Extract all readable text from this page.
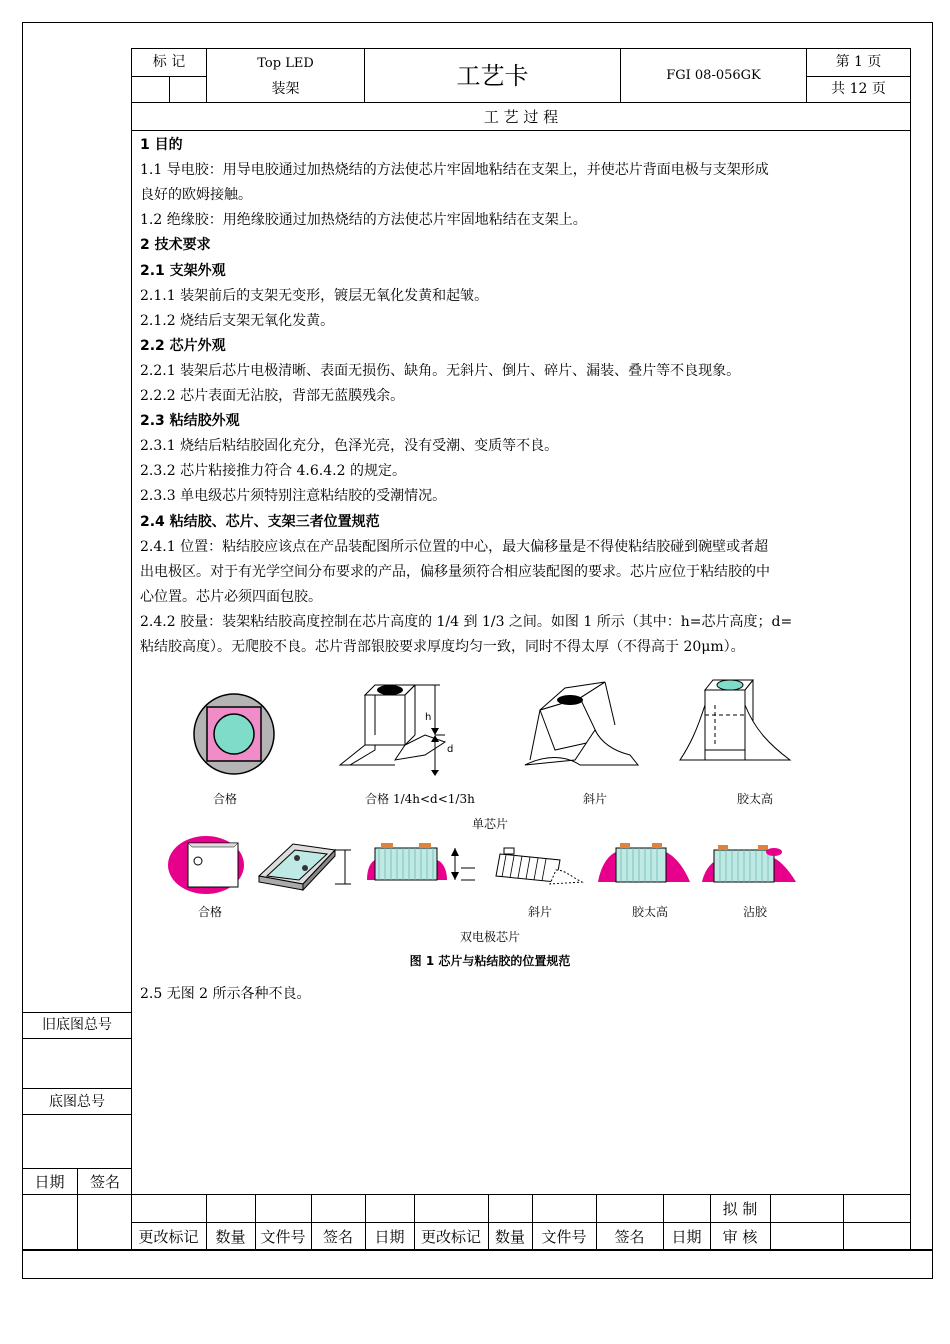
标 记	Top LED
装架	工艺卡	FGI 08-056GK
第 1 页
共 12 页
工 艺 过 程
1 目的
1.1 导电胶：用导电胶通过加热烧结的方法使芯片牢固地粘结在支架上，并使芯片背面电极与支架形成
良好的欧姆接触。
1.2 绝缘胶：用绝缘胶通过加热烧结的方法使芯片牢固地粘结在支架上。
2 技术要求
2.1 支架外观
2.1.1 装架前后的支架无变形，镀层无氧化发黄和起皱。
2.1.2 烧结后支架无氧化发黄。
2.2 芯片外观
2.2.1 装架后芯片电极清晰、表面无损伤、缺角。无斜片、倒片、碎片、漏装、叠片等不良现象。
2.2.2 芯片表面无沾胶，背部无蓝膜残余。
2.3 粘结胶外观
2.3.1 烧结后粘结胶固化充分，色泽光亮，没有受潮、变质等不良。
2.3.2 芯片粘接推力符合 4.6.4.2 的规定。
2.3.3 单电级芯片须特别注意粘结胶的受潮情况。
2.4 粘结胶、芯片、支架三者位置规范
2.4.1 位置：粘结胶应该点在产品装配图所示位置的中心，最大偏移量是不得使粘结胶碰到碗壁或者超
出电极区。对于有光学空间分布要求的产品，偏移量须符合相应装配图的要求。芯片应位于粘结胶的中
心位置。芯片必须四面包胶。
2.4.2 胶量：装架粘结胶高度控制在芯片高度的 1/4 到 1/3 之间。如图 1 所示（其中：h=芯片高度；d=
粘结胶高度）。无爬胶不良。芯片背部银胶要求厚度均匀一致，同时不得太厚（不得高于 20μm）。
h
d
合格	合格 1/4h<d<1/3h	斜片	胶太高
单芯片
合格	斜片	胶太高	沾胶
双电极芯片
图 1 芯片与粘结胶的位置规范
2.5 无图 2 所示各种不良。
旧底图总号
底图总号
日期	签名
更改标记	数量 文件号	签名	日期	更改标记 数量	文件号	签名	日期
拟 制
审 核
